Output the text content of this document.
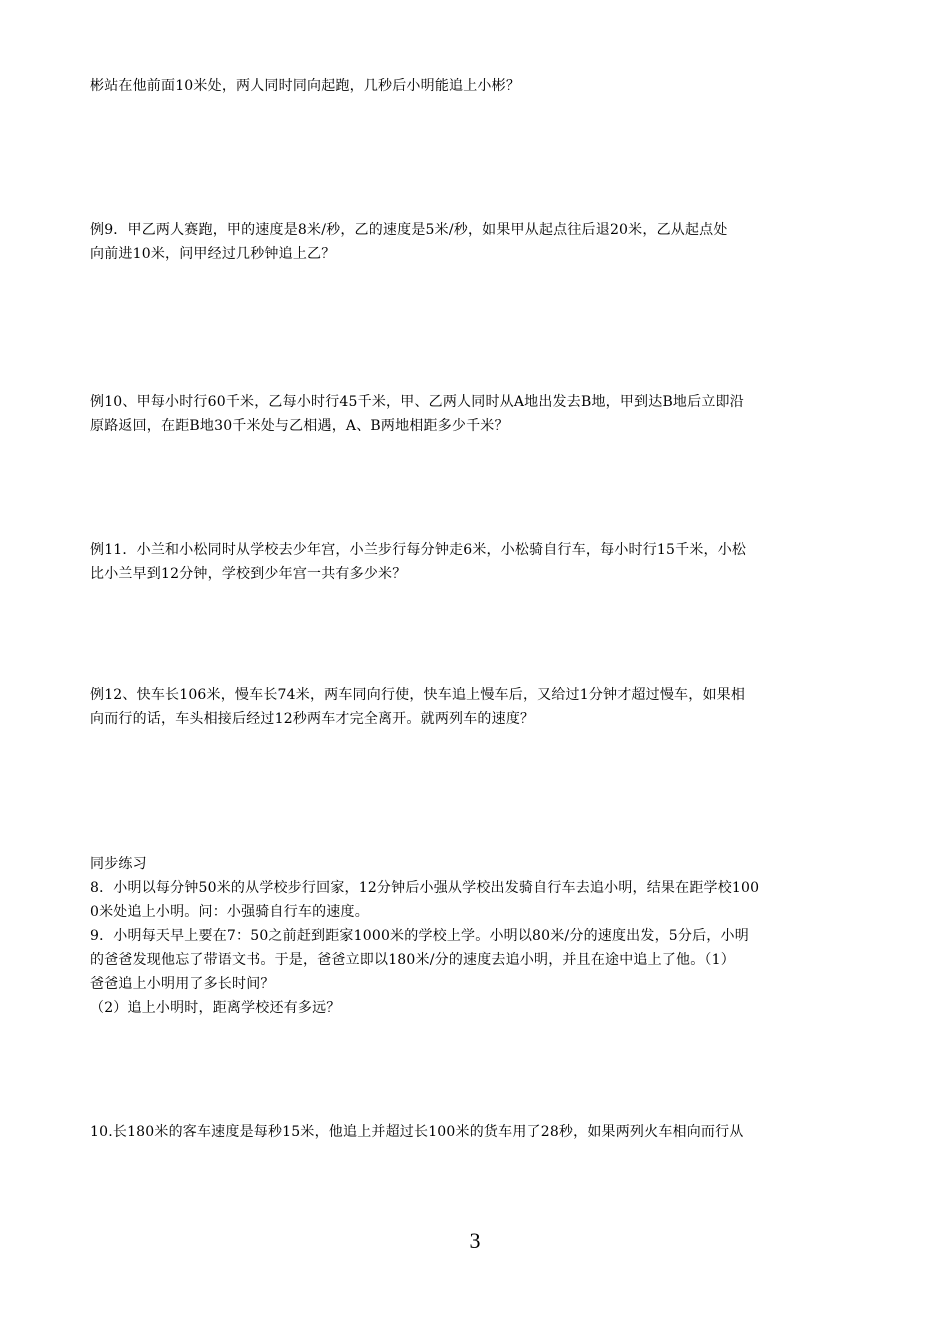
彬站在他前面10米处，两人同时同向起跑，几秒后小明能追上小彬？
例9．甲乙两人赛跑，甲的速度是8米/秒，乙的速度是5米/秒，如果甲从起点往后退20米，乙从起点处
向前进10米，问甲经过几秒钟追上乙？
例10、甲每小时行60千米，乙每小时行45千米，甲、乙两人同时从A地出发去B地，甲到达B地后立即沿
原路返回，在距B地30千米处与乙相遇，A、B两地相距多少千米？
例11．小兰和小松同时从学校去少年宫，小兰步行每分钟走6米，小松骑自行车，每小时行15千米，小松
比小兰早到12分钟，学校到少年宫一共有多少米？
例12、快车长106米，慢车长74米，两车同向行使，快车追上慢车后，又给过1分钟才超过慢车，如果相
向而行的话，车头相接后经过12秒两车才完全离开。就两列车的速度？
同步练习
8．小明以每分钟50米的从学校步行回家，12分钟后小强从学校出发骑自行车去追小明，结果在距学校100
0米处追上小明。问：小强骑自行车的速度。
9．小明每天早上要在7：50之前赶到距家1000米的学校上学。小明以80米/分的速度出发，5分后，小明
的爸爸发现他忘了带语文书。于是，爸爸立即以180米/分的速度去追小明，并且在途中追上了他。（1）
爸爸追上小明用了多长时间？
（2）追上小明时，距离学校还有多远？
10.长180米的客车速度是每秒15米，他追上并超过长100米的货车用了28秒，如果两列火车相向而行从
3
